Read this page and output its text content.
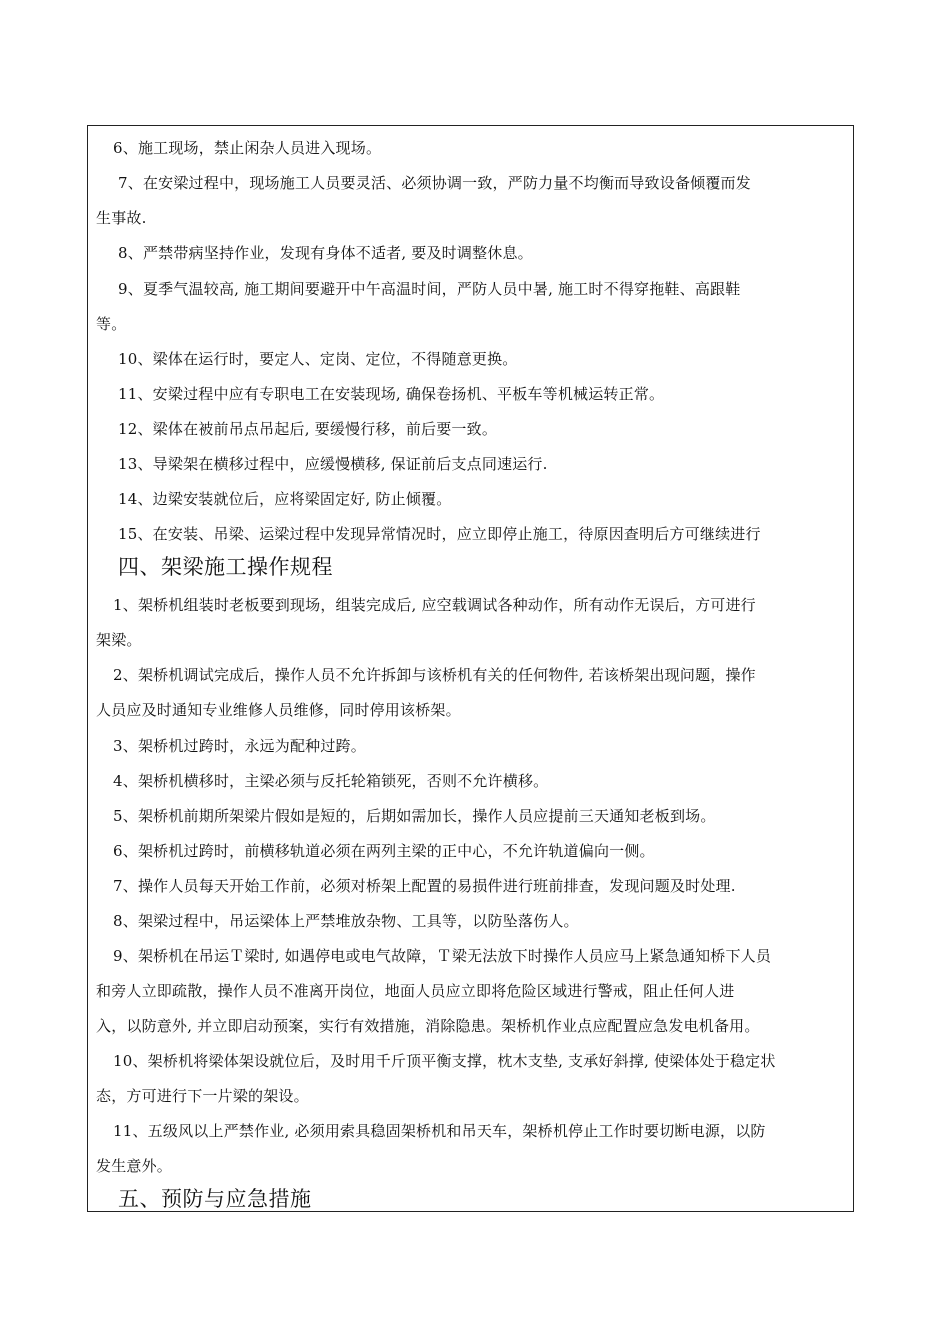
6、施工现场，禁止闲杂人员进入现场。
7、在安梁过程中，现场施工人员要灵活、必须协调一致，严防力量不均衡而导致设备倾覆而发
生事故.
8、严禁带病坚持作业，发现有身体不适者, 要及时调整休息。
9、夏季气温较高, 施工期间要避开中午高温时间，严防人员中暑, 施工时不得穿拖鞋、高跟鞋
等。
10、梁体在运行时，要定人、定岗、定位，不得随意更换。
11、安梁过程中应有专职电工在安装现场, 确保卷扬机、平板车等机械运转正常。
12、梁体在被前吊点吊起后, 要缓慢行移，前后要一致。
13、导梁架在横移过程中，应缓慢横移, 保证前后支点同速运行.
14、边梁安装就位后，应将梁固定好, 防止倾覆。
15、在安装、吊梁、运梁过程中发现异常情况时，应立即停止施工，待原因查明后方可继续进行
四、架梁施工操作规程
1、架桥机组装时老板要到现场，组装完成后, 应空载调试各种动作，所有动作无误后，方可进行
架梁。
2、架桥机调试完成后，操作人员不允许拆卸与该桥机有关的任何物件, 若该桥架出现问题，操作
人员应及时通知专业维修人员维修，同时停用该桥架。
3、架桥机过跨时，永远为配种过跨。
4、架桥机横移时，主梁必须与反托轮箱锁死，否则不允许横移。
5、架桥机前期所架梁片假如是短的，后期如需加长，操作人员应提前三天通知老板到场。
6、架桥机过跨时，前横移轨道必须在两列主梁的正中心，不允许轨道偏向一侧。
7、操作人员每天开始工作前，必须对桥架上配置的易损件进行班前排查，发现问题及时处理.
8、架梁过程中，吊运梁体上严禁堆放杂物、工具等，以防坠落伤人。
9、架桥机在吊运Ｔ梁时, 如遇停电或电气故障，Ｔ梁无法放下时操作人员应马上紧急通知桥下人员
和旁人立即疏散，操作人员不准离开岗位，地面人员应立即将危险区域进行警戒，阻止任何人进
入，以防意外, 并立即启动预案，实行有效措施，消除隐患。架桥机作业点应配置应急发电机备用。
10、架桥机将梁体架设就位后，及时用千斤顶平衡支撑，枕木支垫, 支承好斜撑, 使梁体处于稳定状
态，方可进行下一片梁的架设。
11、五级风以上严禁作业, 必须用索具稳固架桥机和吊天车，架桥机停止工作时要切断电源，以防
发生意外。
五、预防与应急措施
